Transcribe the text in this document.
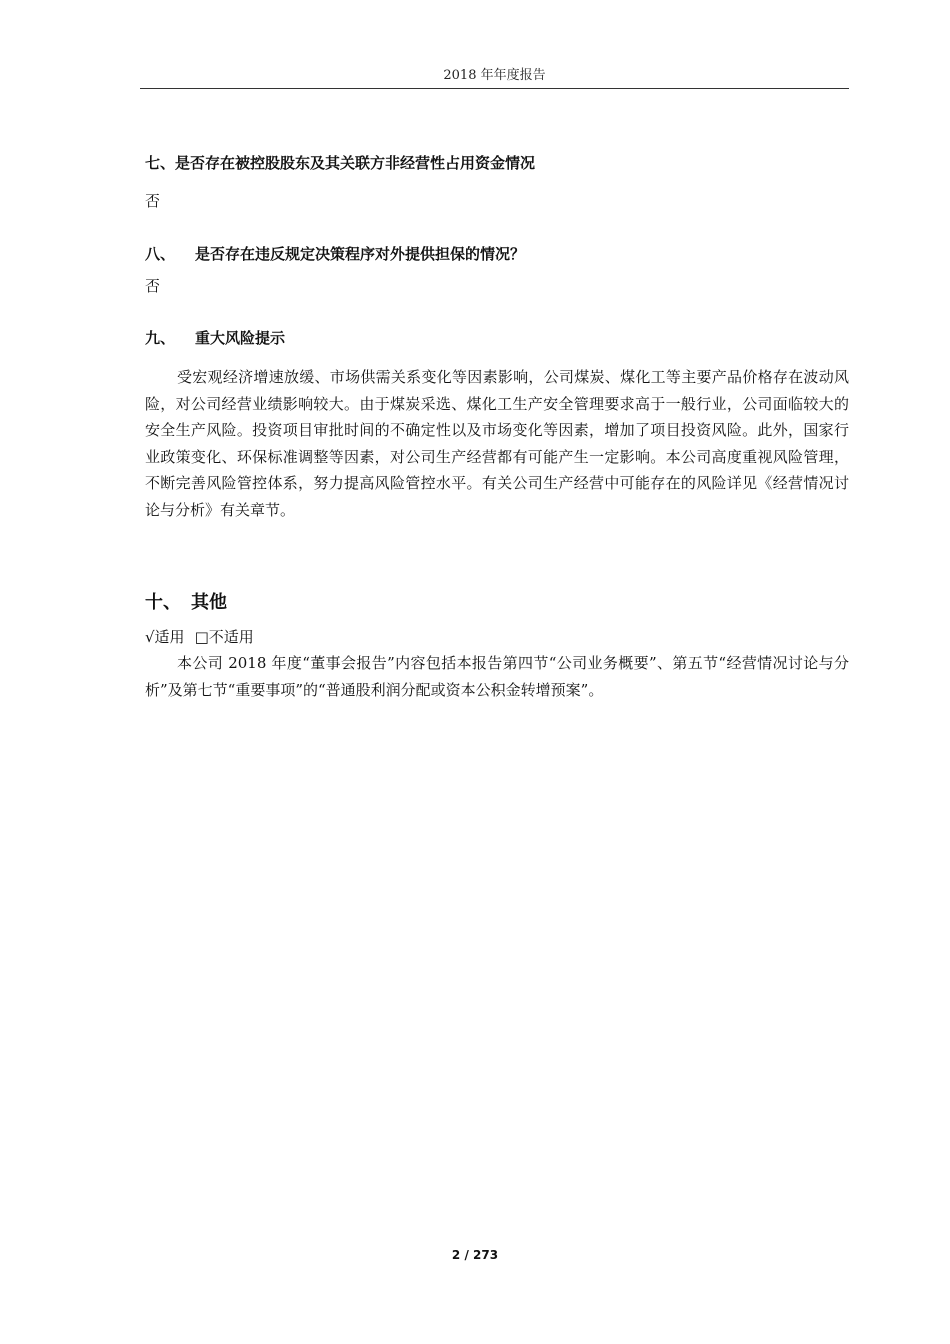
2018 年年度报告
七、是否存在被控股股东及其关联方非经营性占用资金情况
否
八、 是否存在违反规定决策程序对外提供担保的情况？
否
九、 重大风险提示
受宏观经济增速放缓、市场供需关系变化等因素影响，公司煤炭、煤化工等主要产品价格存在波动风险，对公司经营业绩影响较大。由于煤炭采选、煤化工生产安全管理要求高于一般行业，公司面临较大的安全生产风险。投资项目审批时间的不确定性以及市场变化等因素，增加了项目投资风险。此外，国家行业政策变化、环保标准调整等因素，对公司生产经营都有可能产生一定影响。本公司高度重视风险管理，不断完善风险管控体系，努力提高风险管控水平。有关公司生产经营中可能存在的风险详见《经营情况讨论与分析》有关章节。
十、 其他
√适用 □不适用
本公司 2018 年度“董事会报告”内容包括本报告第四节“公司业务概要”、第五节“经营情况讨论与分析”及第七节“重要事项”的“普通股利润分配或资本公积金转增预案”。
2 / 273
